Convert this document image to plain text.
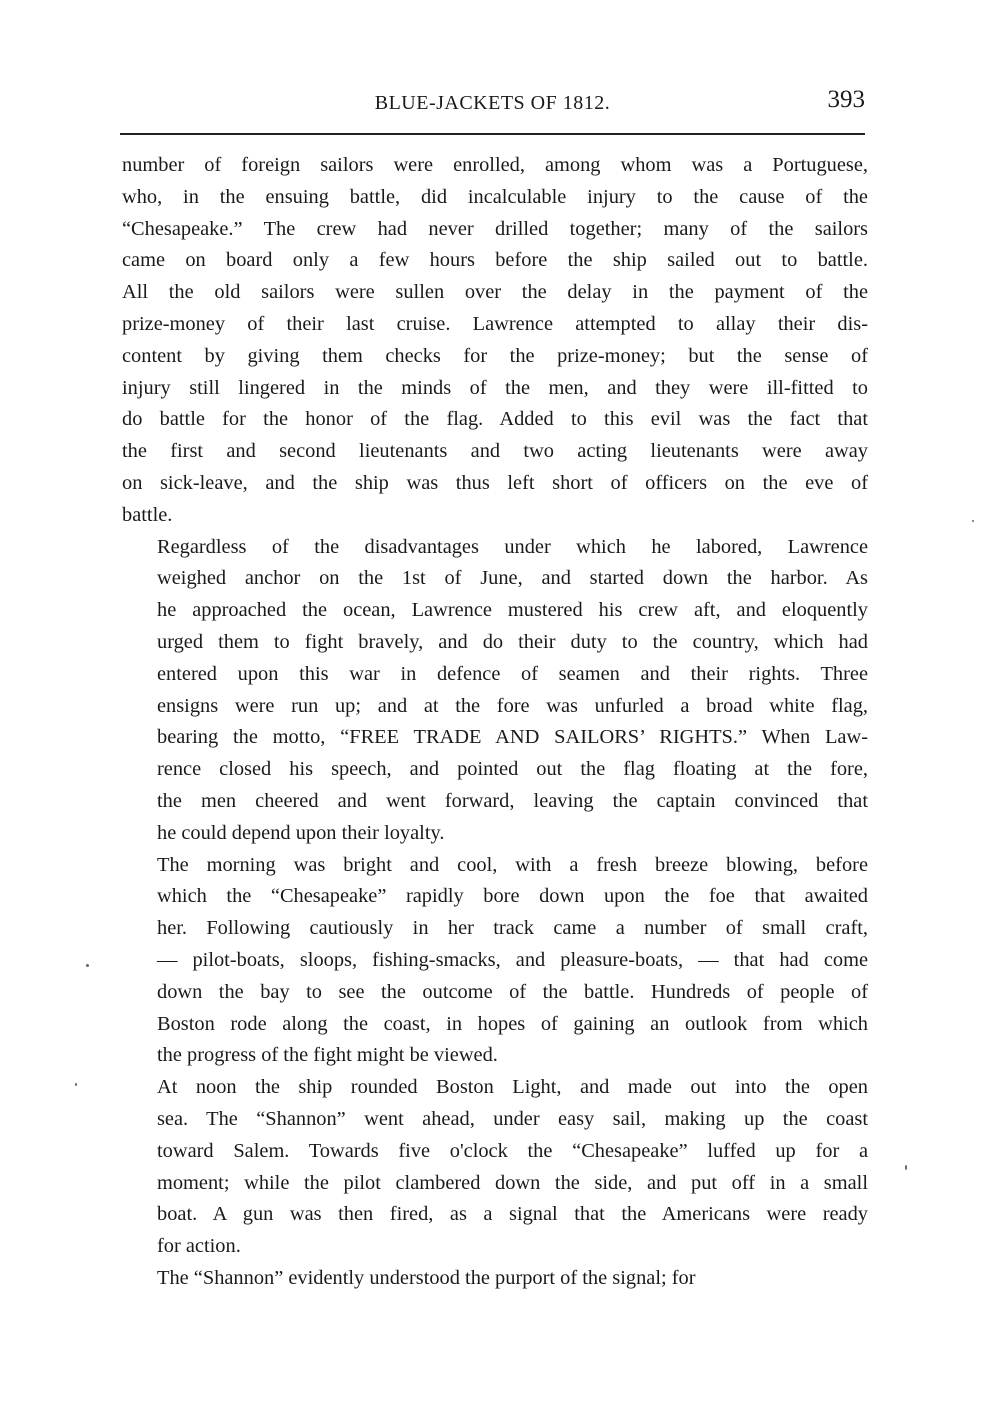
BLUE-JACKETS OF 1812.	393

number of foreign sailors were enrolled, among whom was a Portuguese,
who, in the ensuing battle, did incalculable injury to the cause of the
“Chesapeake.” The crew had never drilled together; many of the sailors
came on board only a few hours before the ship sailed out to battle.
All the old sailors were sullen over the delay in the payment of the
prize-money of their last cruise. Lawrence attempted to allay their dis-
content by giving them checks for the prize-money; but the sense of
injury still lingered in the minds of the men, and they were ill-fitted to
do battle for the honor of the flag. Added to this evil was the fact that
the first and second lieutenants and two acting lieutenants were away
on sick-leave, and the ship was thus left short of officers on the eve of
battle.

Regardless of the disadvantages under which he labored, Lawrence
weighed anchor on the 1st of June, and started down the harbor. As
he approached the ocean, Lawrence mustered his crew aft, and eloquently
urged them to fight bravely, and do their duty to the country, which had
entered upon this war in defence of seamen and their rights. Three
ensigns were run up; and at the fore was unfurled a broad white flag,
bearing the motto, “FREE TRADE AND SAILORS’ RIGHTS.” When Law-
rence closed his speech, and pointed out the flag floating at the fore,
the men cheered and went forward, leaving the captain convinced that
he could depend upon their loyalty.

The morning was bright and cool, with a fresh breeze blowing, before
which the “Chesapeake” rapidly bore down upon the foe that awaited
her. Following cautiously in her track came a number of small craft,
— pilot-boats, sloops, fishing-smacks, and pleasure-boats, — that had come
down the bay to see the outcome of the battle. Hundreds of people of
Boston rode along the coast, in hopes of gaining an outlook from which
the progress of the fight might be viewed.

At noon the ship rounded Boston Light, and made out into the open
sea. The “Shannon” went ahead, under easy sail, making up the coast
toward Salem. Towards five o'clock the “Chesapeake” luffed up for a
moment; while the pilot clambered down the side, and put off in a small
boat. A gun was then fired, as a signal that the Americans were ready
for action.

The “Shannon” evidently understood the purport of the signal; for
